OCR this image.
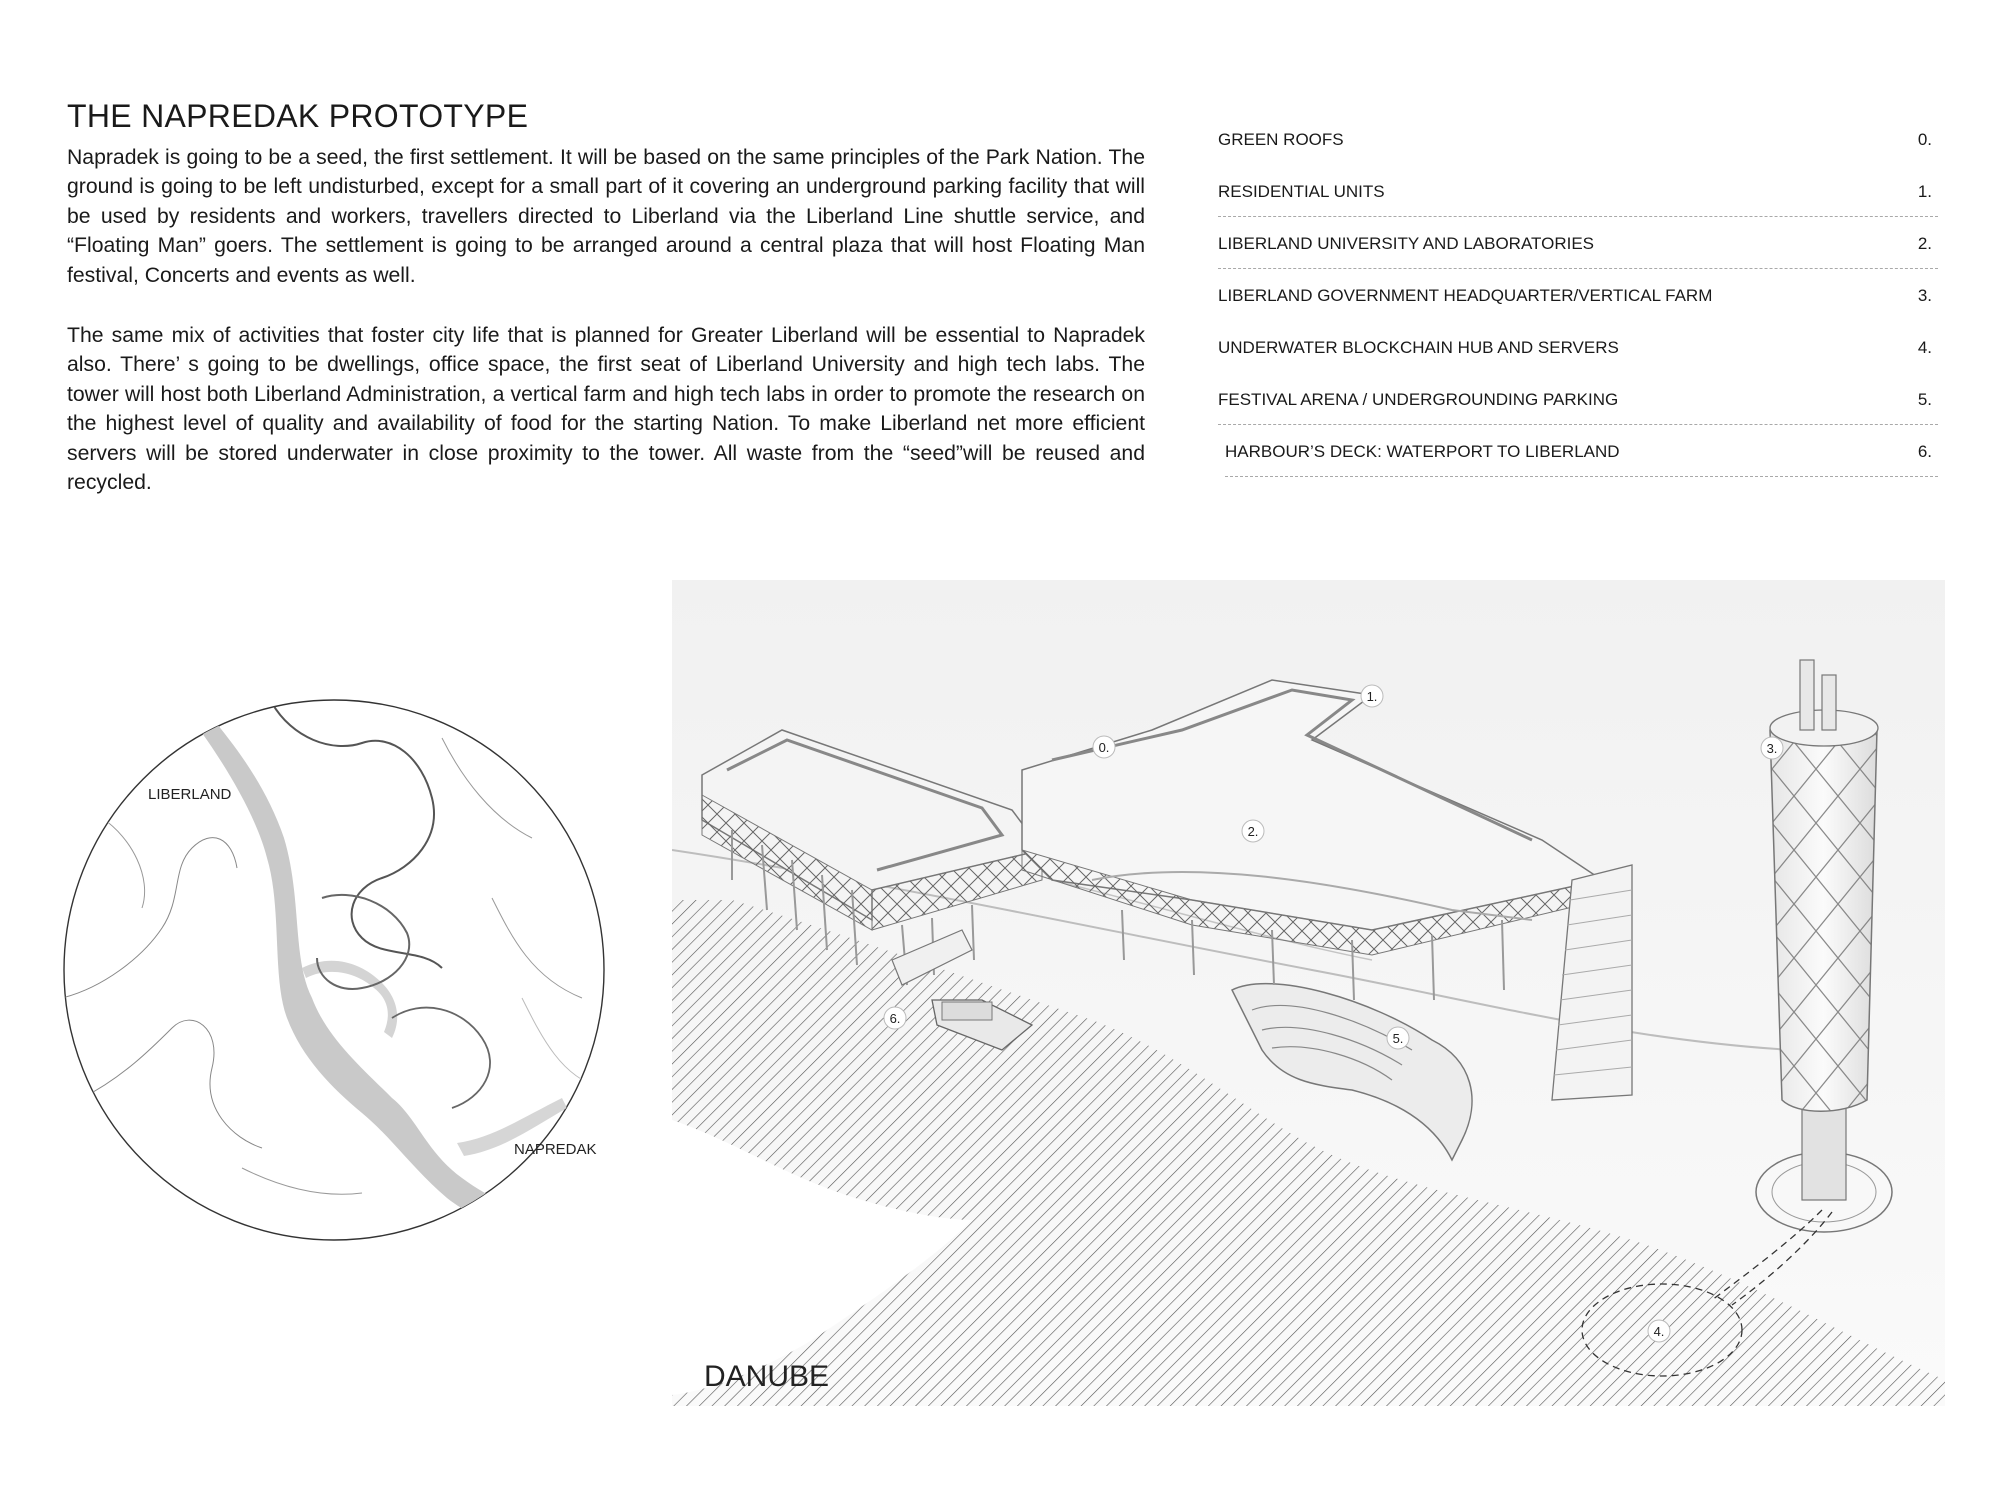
THE NAPREDAK PROTOTYPE

Napradek is going to be a seed, the first settlement. It will be based on the same principles of the Park Nation. The ground is going to be left undisturbed, except for a small part of it covering an underground parking facility that will be used by residents and workers, travellers directed to Liberland via the Liberland Line shuttle service, and “Floating Man” goers. The settlement is going to be arranged around a central plaza that will host Floating Man festival, Concerts and events as well.

The same mix of activities that foster city life that is planned for Greater Liberland will be essential to Napradek also. There’ s going to be dwellings, office space, the first seat of Liberland University and high tech labs. The tower will host both Liberland Administration, a vertical farm and high tech labs in order to promote the research on the highest level of quality and availability of food for the starting Nation. To make Liberland net more efficient servers will be stored underwater in close proximity to the tower. All waste from the “seed”will be reused and recycled.

GREEN ROOFS	0.
RESIDENTIAL UNITS	1.
LIBERLAND UNIVERSITY AND LABORATORIES	2.
LIBERLAND GOVERNMENT HEADQUARTER/VERTICAL FARM	3.
UNDERWATER BLOCKCHAIN HUB AND SERVERS	4.
FESTIVAL ARENA / UNDERGROUNDING PARKING	5.
HARBOUR’S DECK: WATERPORT TO LIBERLAND	6.
LIBERLAND
NAPREDAK
0.
1.
2.
3.
4.
5.
6.
DANUBE
